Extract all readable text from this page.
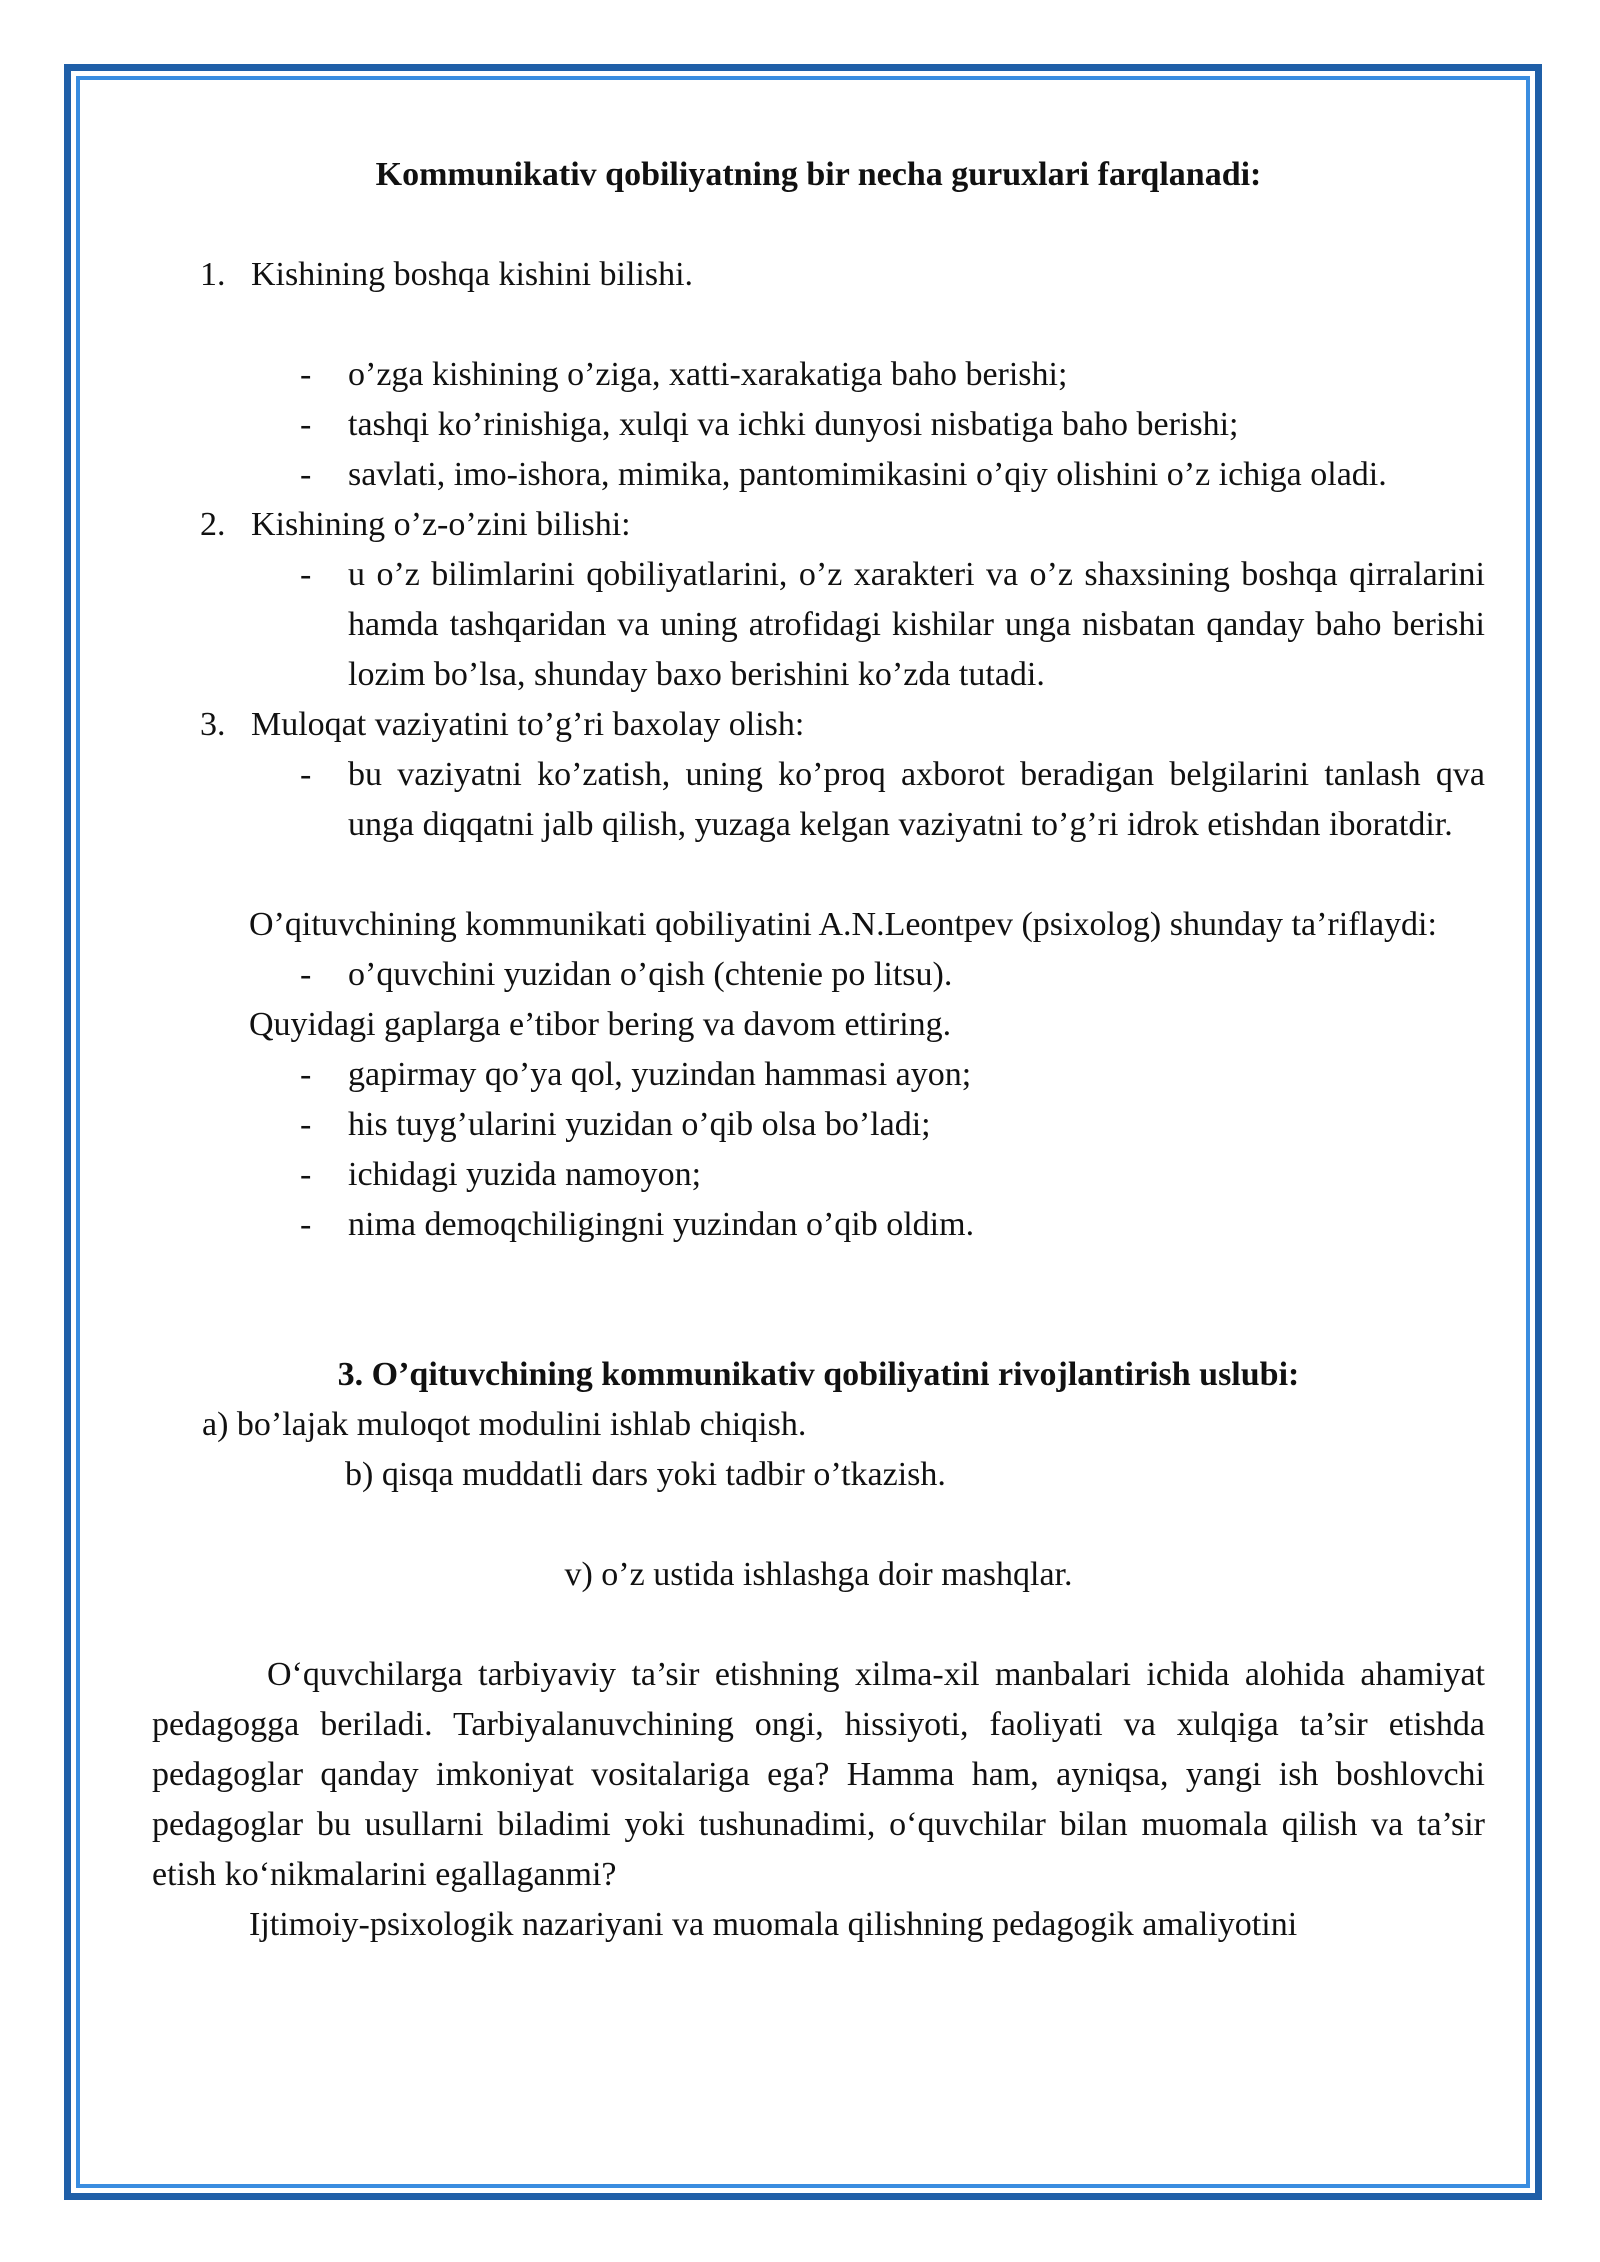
Kommunikativ qobiliyatning bir necha guruxlari farqlanadi:

1. Kishining boshqa kishini bilishi.
- o’zga kishining o’ziga, xatti-xarakatiga baho berishi;
- tashqi ko’rinishiga, xulqi va ichki dunyosi nisbatiga baho berishi;
- savlati, imo-ishora, mimika, pantomimikasini o’qiy olishini o’z ichiga oladi.
2. Kishining o’z-o’zini bilishi:
- u o’z bilimlarini qobiliyatlarini, o’z xarakteri va o’z shaxsining boshqa qirralarini hamda tashqaridan va uning atrofidagi kishilar unga nisbatan qanday baho berishi lozim bo’lsa, shunday baxo berishini ko’zda tutadi.
3. Muloqat vaziyatini to’g’ri baxolay olish:
- bu vaziyatni ko’zatish, uning ko’proq axborot beradigan belgilarini tanlash qva unga diqqatni jalb qilish, yuzaga kelgan vaziyatni to’g’ri idrok etishdan iboratdir.

O’qituvchining kommunikati qobiliyatini A.N.Leontpev (psixolog) shunday ta’riflaydi:

- o’quvchini yuzidan o’qish (chtenie po litsu).
Quyidagi gaplarga e’tibor bering va davom ettiring.
- gapirmay qo’ya qol, yuzindan hammasi ayon;
- his tuyg’ularini yuzidan o’qib olsa bo’ladi;
- ichidagi yuzida namoyon;
- nima demoqchiligingni yuzindan o’qib oldim.

3. O’qituvchining kommunikativ qobiliyatini rivojlantirish uslubi:

a) bo’lajak muloqot modulini ishlab chiqish.
b) qisqa muddatli dars yoki tadbir o’tkazish.
v) o’z ustida ishlashga doir mashqlar.

O‘quvchilarga tarbiyaviy ta’sir etishning xilma-xil manbalari ichida alohida ahamiyat pedagogga beriladi. Tarbiyalanuvchining ongi, hissiyoti, faoliyati va xulqiga ta’sir etishda pedagoglar qanday imkoniyat vositalariga ega? Hamma ham, ayniqsa, yangi ish boshlovchi pedagoglar bu usullarni biladimi yoki tushunadimi, o‘quvchilar bilan muomala qilish va ta’sir etish ko‘nikmalarini egallaganmi?

Ijtimoiy-psixologik nazariyani va muomala qilishning pedagogik amaliyotini
